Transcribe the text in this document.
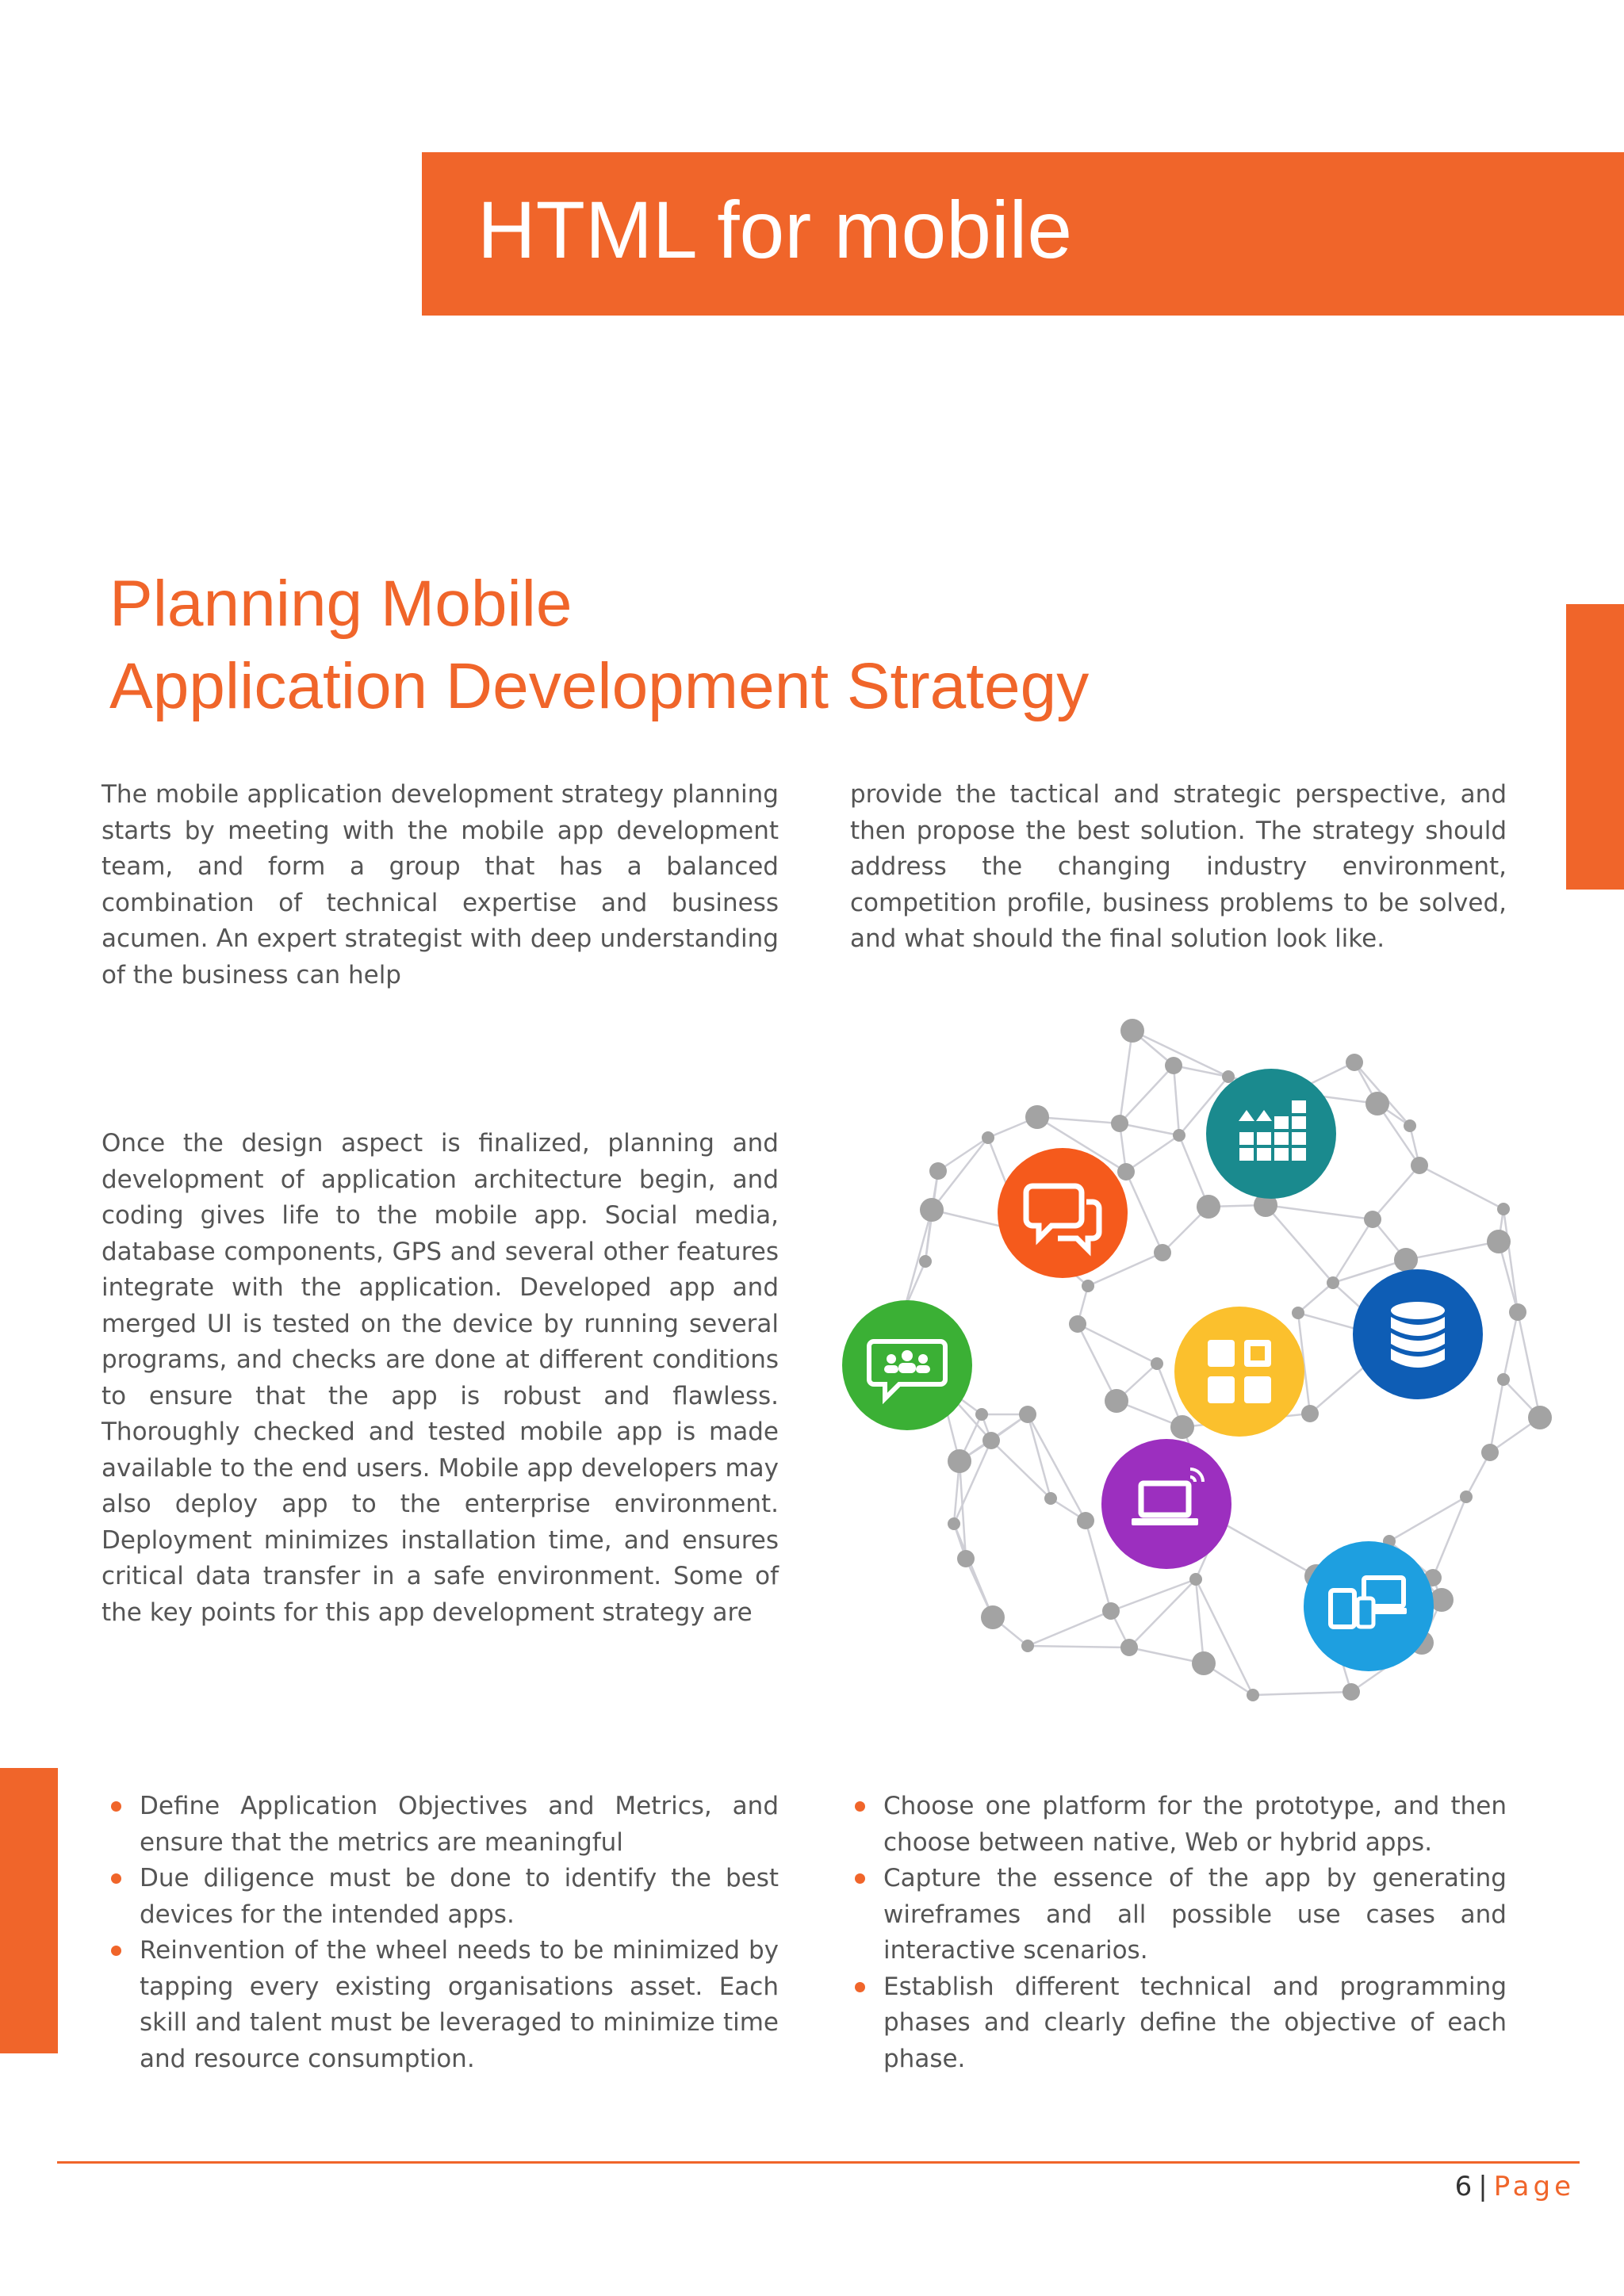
HTML for mobile
Planning Mobile
Application Development Strategy

The mobile application development strategy planning starts by meeting with the mobile app development team, and form a group that has a balanced combination of technical expertise and business acumen. An expert strategist with deep understanding of the business can help

provide the tactical and strategic perspective, and then propose the best solution. The strategy should address the changing industry environment, competition profile, business problems to be solved, and what should the final solution look like.

Once the design aspect is finalized, planning and development of application architecture begin, and coding gives life to the mobile app. Social media, database components, GPS and several other features integrate with the application. Developed app and merged UI is tested on the device by running several programs, and checks are done at different conditions to ensure that the app is robust and flawless. Thoroughly checked and tested mobile app is made available to the end users. Mobile app developers may also deploy app to the enterprise environment. Deployment minimizes installation time, and ensures critical data transfer in a safe environment. Some of the key points for this app development strategy are

Define Application Objectives and Metrics, and ensure that the metrics are meaningful
Due diligence must be done to identify the best devices for the intended apps.
Reinvention of the wheel needs to be minimized by tapping every existing organisations asset. Each skill and talent must be leveraged to minimize time and resource consumption.
Choose one platform for the prototype, and then choose between native, Web or hybrid apps.
Capture the essence of the app by generating wireframes and all possible use cases and interactive scenarios.
Establish different technical and programming phases and clearly define the objective of each phase.
6 | Page
